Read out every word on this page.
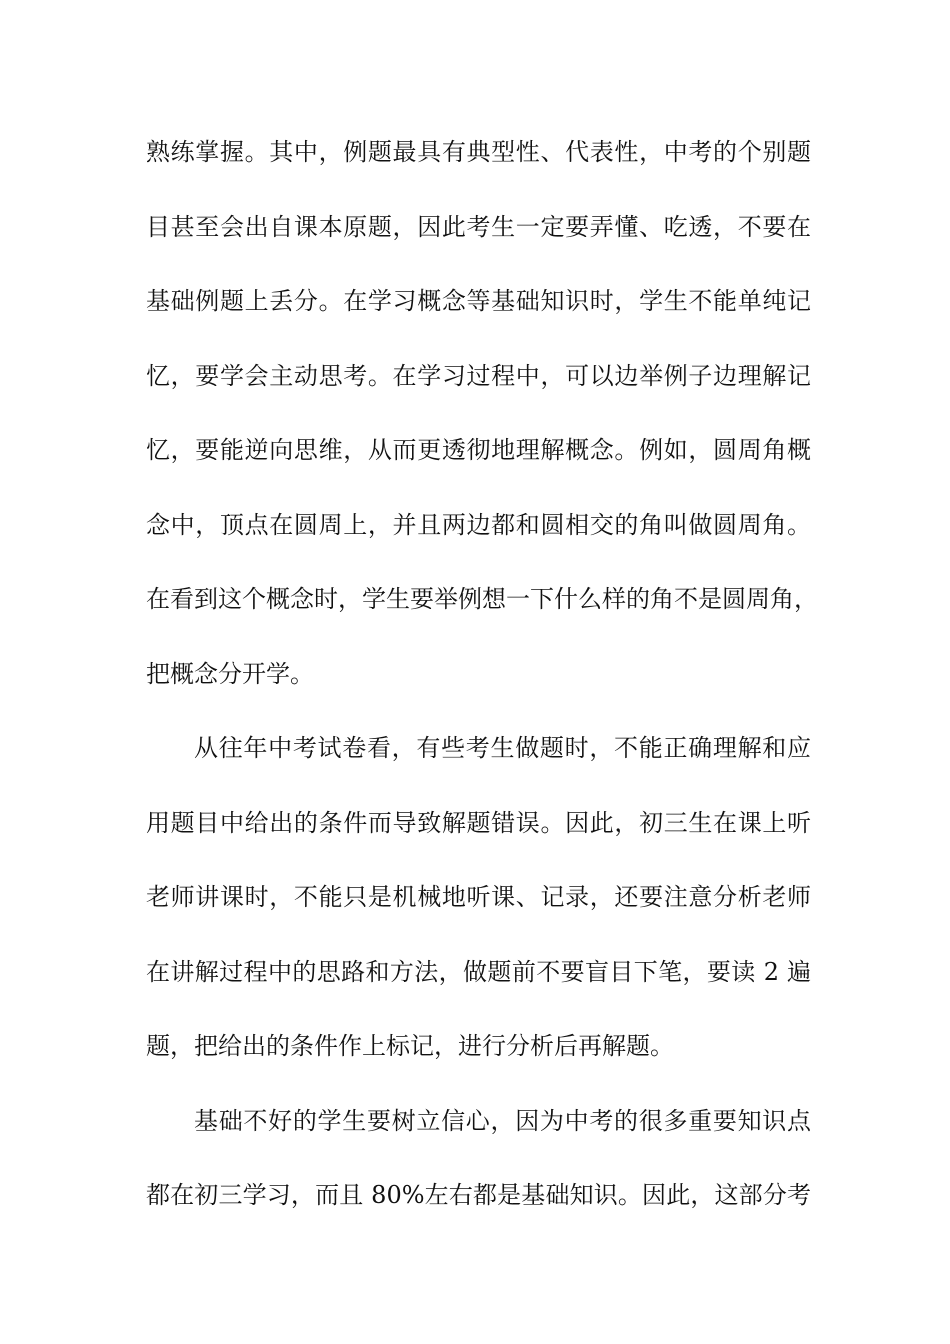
熟练掌握。其中，例题最具有典型性、代表性，中考的个别题
目甚至会出自课本原题，因此考生一定要弄懂、吃透，不要在
基础例题上丢分。在学习概念等基础知识时，学生不能单纯记
忆，要学会主动思考。在学习过程中，可以边举例子边理解记
忆，要能逆向思维，从而更透彻地理解概念。例如，圆周角概
念中，顶点在圆周上，并且两边都和圆相交的角叫做圆周角。
在看到这个概念时，学生要举例想一下什么样的角不是圆周角，
把概念分开学。
从往年中考试卷看，有些考生做题时，不能正确理解和应
用题目中给出的条件而导致解题错误。因此，初三生在课上听
老师讲课时，不能只是机械地听课、记录，还要注意分析老师
在讲解过程中的思路和方法，做题前不要盲目下笔，要读 2 遍
题，把给出的条件作上标记，进行分析后再解题。
基础不好的学生要树立信心，因为中考的很多重要知识点
都在初三学习，而且 80%左右都是基础知识。因此，这部分考
